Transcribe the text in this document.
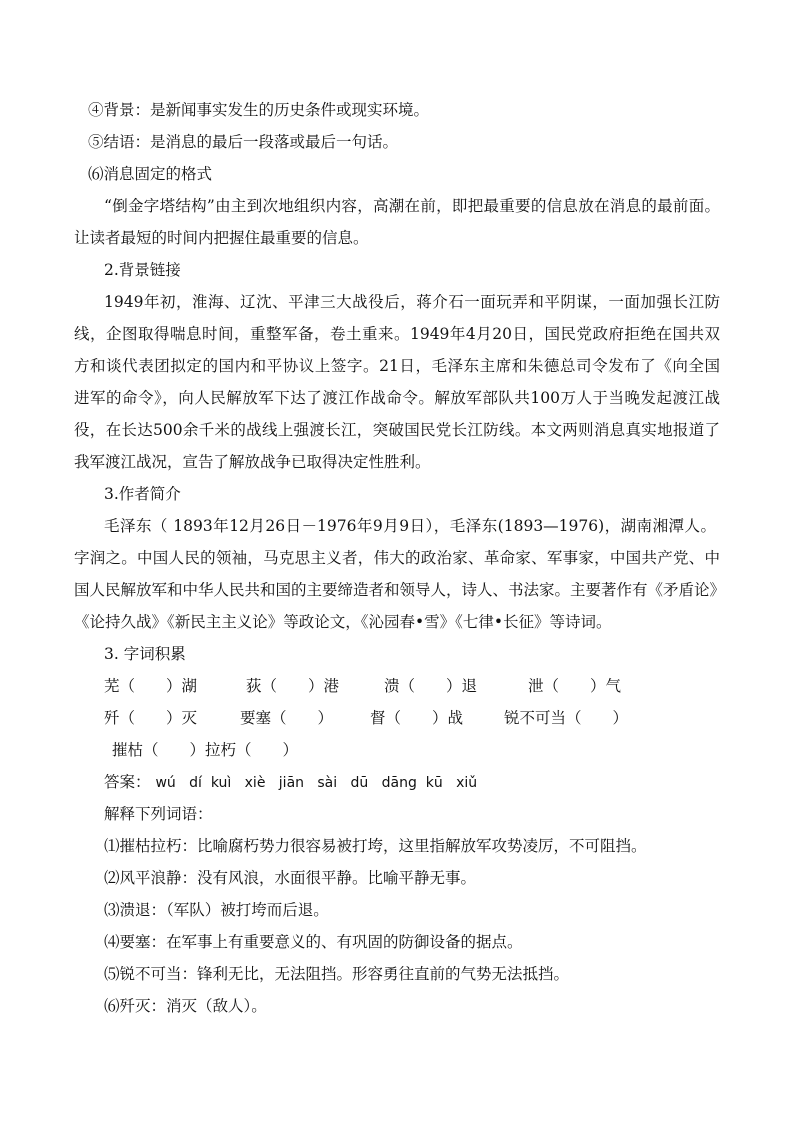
④背景：是新闻事实发生的历史条件或现实环境。
⑤结语：是消息的最后一段落或最后一句话。
⑹消息固定的格式
“倒金字塔结构”由主到次地组织内容，高潮在前，即把最重要的信息放在消息的最前面。
让读者最短的时间内把握住最重要的信息。
2.背景链接
1949年初，淮海、辽沈、平津三大战役后，蒋介石一面玩弄和平阴谋，一面加强长江防
线，企图取得喘息时间，重整军备，卷土重来。1949年4月20日，国民党政府拒绝在国共双
方和谈代表团拟定的国内和平协议上签字。21日，毛泽东主席和朱德总司令发布了《向全国
进军的命令》，向人民解放军下达了渡江作战命令。解放军部队共100万人于当晚发起渡江战
役，在长达500余千米的战线上强渡长江，突破国民党长江防线。本文两则消息真实地报道了
我军渡江战况，宣告了解放战争已取得决定性胜利。
3.作者简介
毛泽东（ 1893年12月26日－1976年9月9日），毛泽东(1893—1976)，湖南湘潭人。
字润之。中国人民的领袖，马克思主义者，伟大的政治家、革命家、军事家，中国共产党、中
国人民解放军和中华人民共和国的主要缔造者和领导人，诗人、书法家。主要著作有《矛盾论》
《论持久战》《新民主主义论》等政论文，《沁园春•雪》《七律•长征》等诗词。
3. 字词积累
芜（　　）湖	荻（　　）港	溃（　　）退	泄（　　）气
歼（　　）灭	要塞（　　） 督（　　）战	锐不可当（　　）
摧枯（　　）拉朽（　　）
答案： wú dí kuì xiè jiān sài dū dāng kū xiǔ
解释下列词语：
⑴摧枯拉朽：比喻腐朽势力很容易被打垮，这里指解放军攻势凌厉，不可阻挡。
⑵风平浪静：没有风浪，水面很平静。比喻平静无事。
⑶溃退：（军队）被打垮而后退。
⑷要塞：在军事上有重要意义的、有巩固的防御设备的据点。
⑸锐不可当：锋利无比，无法阻挡。形容勇往直前的气势无法抵挡。
⑹歼灭：消灭（敌人）。
